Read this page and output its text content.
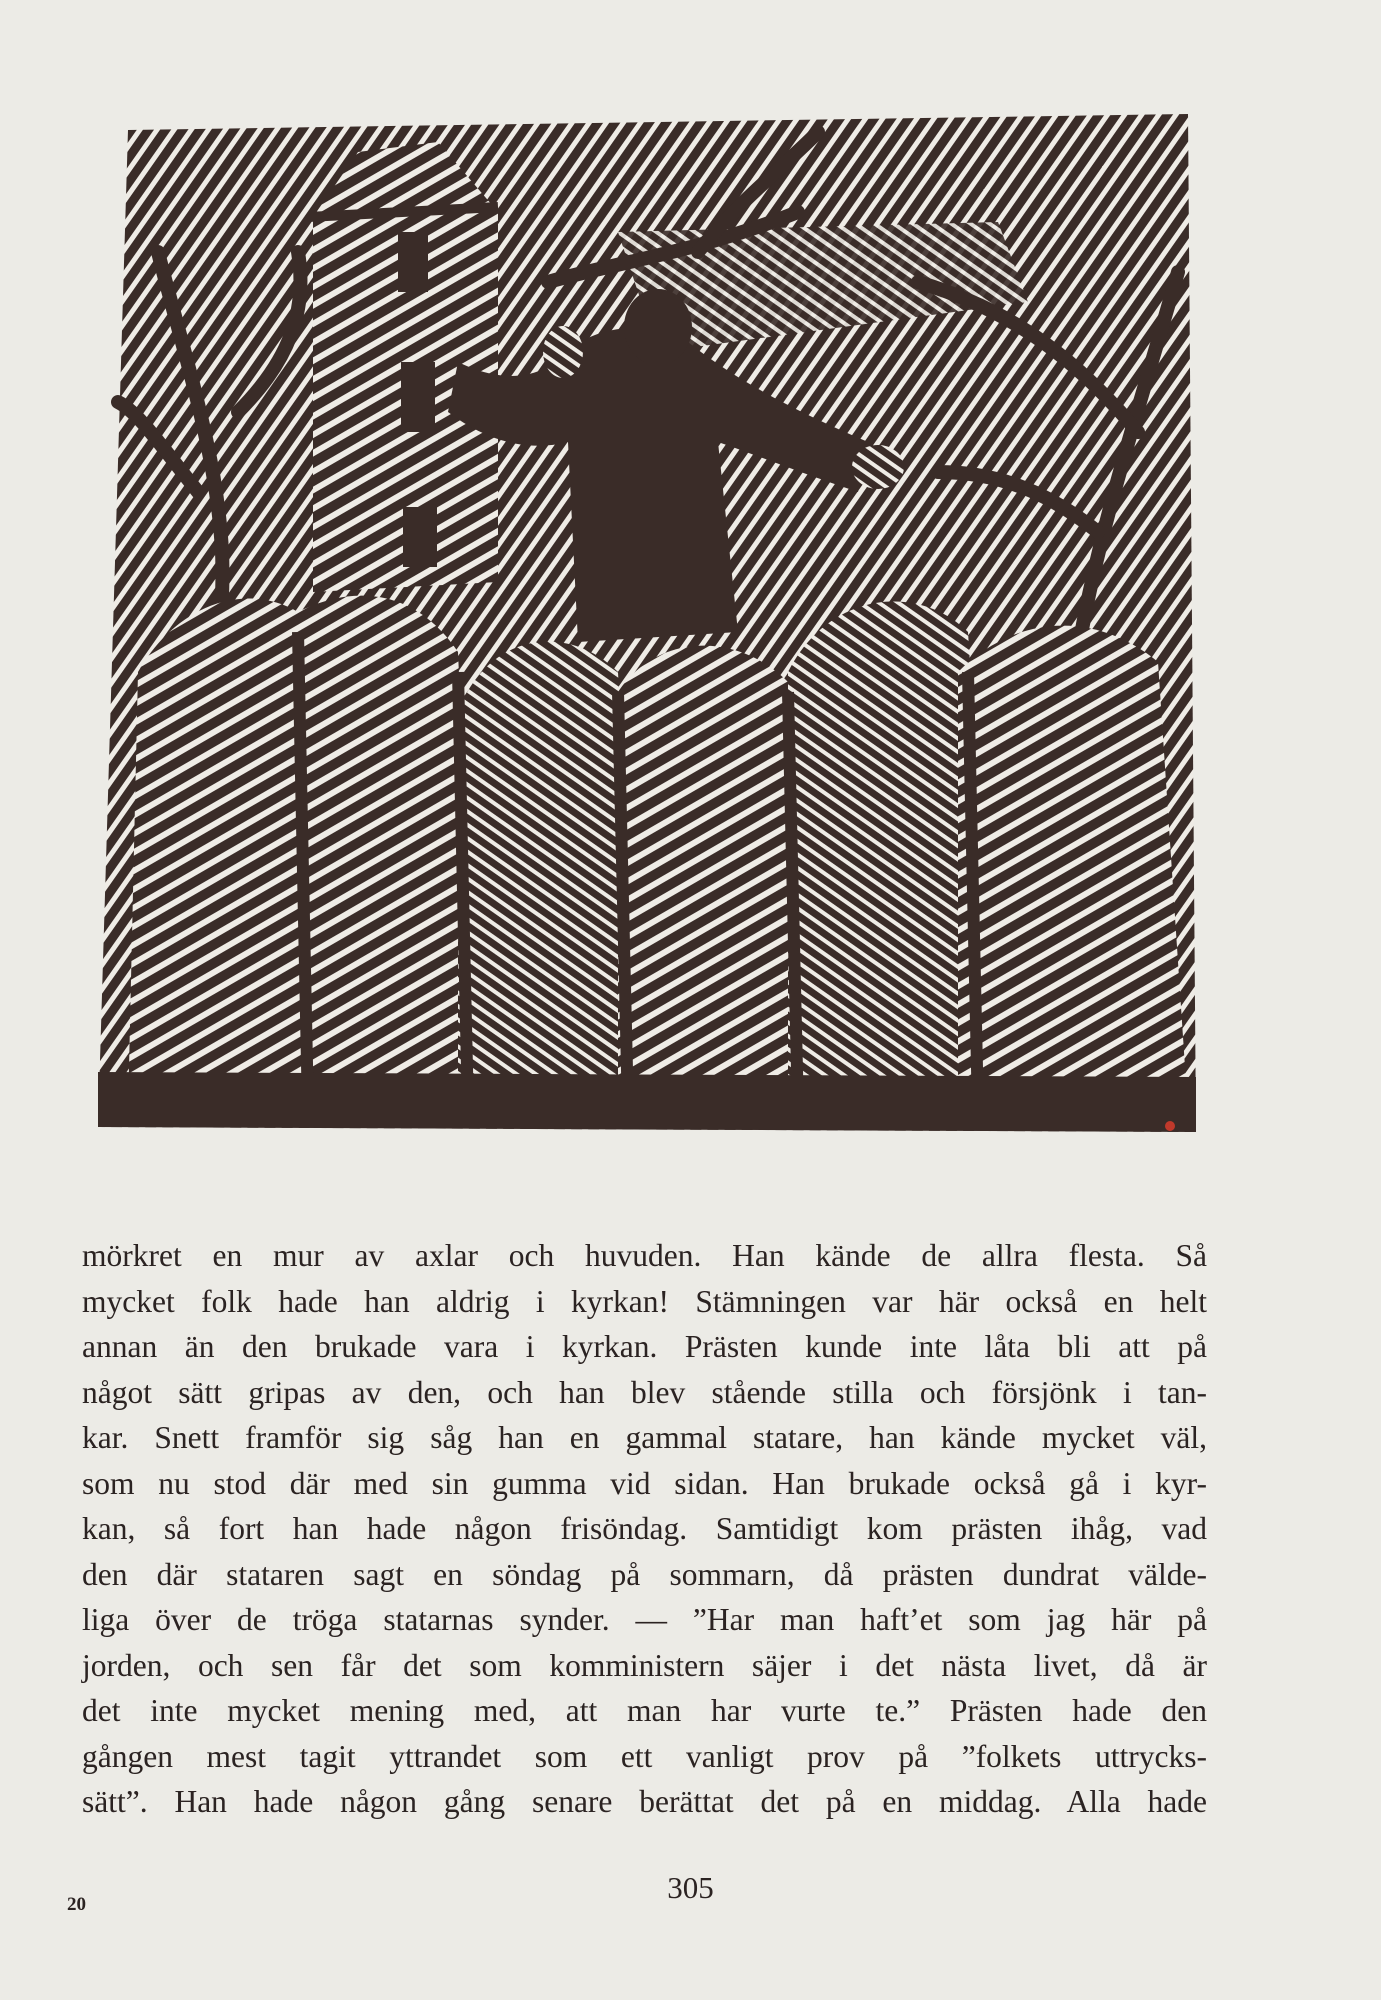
mörkret en mur av axlar och huvuden. Han kände de allra flesta. Så
mycket folk hade han aldrig i kyrkan! Stämningen var här också en helt
annan än den brukade vara i kyrkan. Prästen kunde inte låta bli att på
något sätt gripas av den, och han blev stående stilla och försjönk i tan-
kar. Snett framför sig såg han en gammal statare, han kände mycket väl,
som nu stod där med sin gumma vid sidan. Han brukade också gå i kyr-
kan, så fort han hade någon frisöndag. Samtidigt kom prästen ihåg, vad
den där stataren sagt en söndag på sommarn, då prästen dundrat välde-
liga över de tröga statarnas synder. — ”Har man haft’et som jag här på
jorden, och sen får det som komministern säjer i det nästa livet, då är
det inte mycket mening med, att man har vurte te.” Prästen hade den
gången mest tagit yttrandet som ett vanligt prov på ”folkets uttrycks-
sätt”. Han hade någon gång senare berättat det på en middag. Alla hade
20	305
